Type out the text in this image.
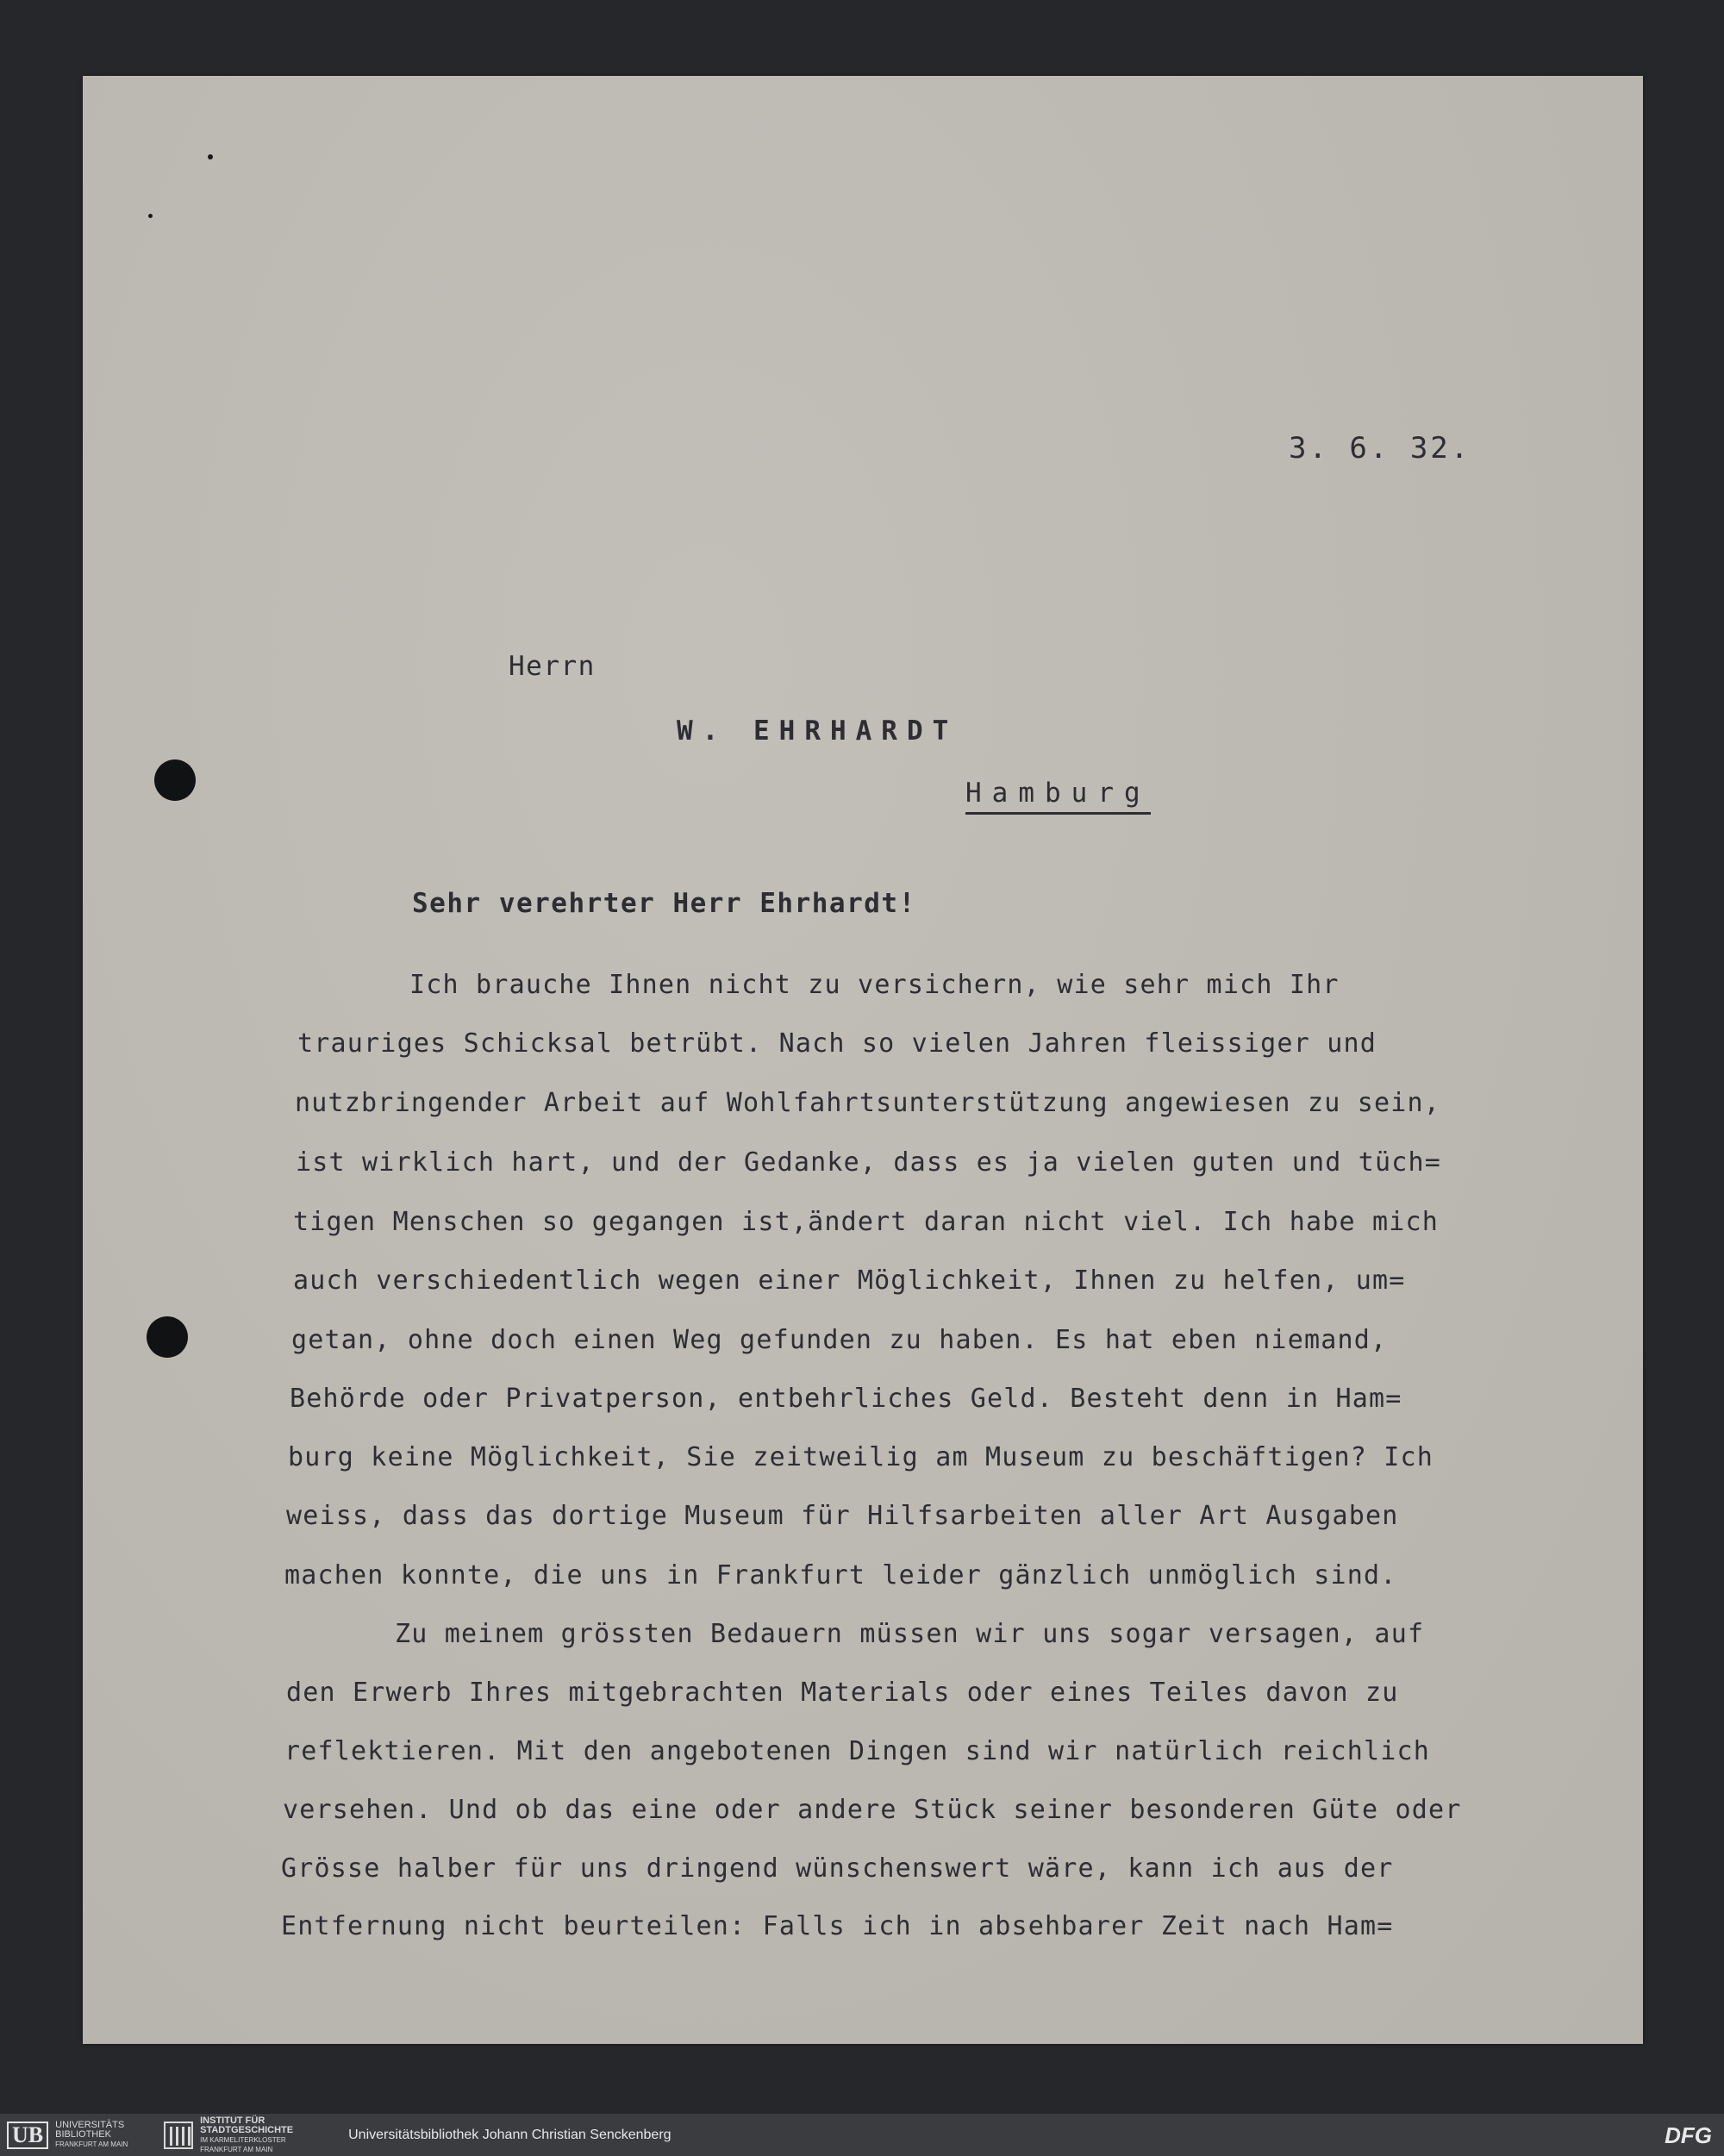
3. 6. 32.
Herrn
W. EHRHARDT
Hamburg
Sehr verehrter Herr Ehrhardt!
Ich brauche Ihnen nicht zu versichern, wie sehr mich Ihr
trauriges Schicksal betrübt. Nach so vielen Jahren fleissiger und
nutzbringender Arbeit auf Wohlfahrtsunterstützung angewiesen zu sein,
ist wirklich hart, und der Gedanke, dass es ja vielen guten und tüch=
tigen Menschen so gegangen ist,ändert daran nicht viel. Ich habe mich
auch verschiedentlich wegen einer Möglichkeit, Ihnen zu helfen, um=
getan, ohne doch einen Weg gefunden zu haben. Es hat eben niemand,
Behörde oder Privatperson, entbehrliches Geld. Besteht denn in Ham=
burg keine Möglichkeit, Sie zeitweilig am Museum zu beschäftigen? Ich
weiss, dass das dortige Museum für Hilfsarbeiten aller Art Ausgaben
machen konnte, die uns in Frankfurt leider gänzlich unmöglich sind.
Zu meinem grössten Bedauern müssen wir uns sogar versagen, auf
den Erwerb Ihres mitgebrachten Materials oder eines Teiles davon zu
reflektieren. Mit den angebotenen Dingen sind wir natürlich reichlich
versehen. Und ob das eine oder andere Stück seiner besonderen Güte oder
Grösse halber für uns dringend wünschenswert wäre, kann ich aus der
Entfernung nicht beurteilen: Falls ich in absehbarer Zeit nach Ham=
UB	UNIVERSITÄTS
BIBLIOTHEK
FRANKFURT AM MAIN
INSTITUT FÜR
STADTGESCHICHTE
IM KARMELITERKLOSTER
FRANKFURT AM MAIN
Universitätsbibliothek Johann Christian Senckenberg	DFG
